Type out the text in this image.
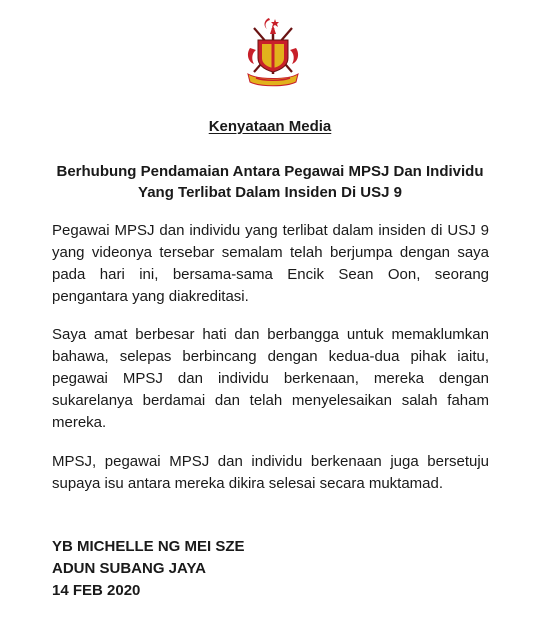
Kenyataan Media
Berhubung Pendamaian Antara Pegawai MPSJ Dan Individu
Yang Terlibat Dalam Insiden Di USJ 9

Pegawai MPSJ dan individu yang terlibat dalam insiden di USJ 9 yang videonya tersebar semalam telah berjumpa dengan saya pada hari ini, bersama-sama Encik Sean Oon, seorang pengantara yang diakreditasi.

Saya amat berbesar hati dan berbangga untuk memaklumkan bahawa, selepas berbincang dengan kedua-dua pihak iaitu, pegawai MPSJ dan individu berkenaan, mereka dengan sukarelanya berdamai dan telah menyelesaikan salah faham mereka.

MPSJ, pegawai MPSJ dan individu berkenaan juga bersetuju supaya isu antara mereka dikira selesai secara muktamad.

YB MICHELLE NG MEI SZE
ADUN SUBANG JAYA
14 FEB 2020
